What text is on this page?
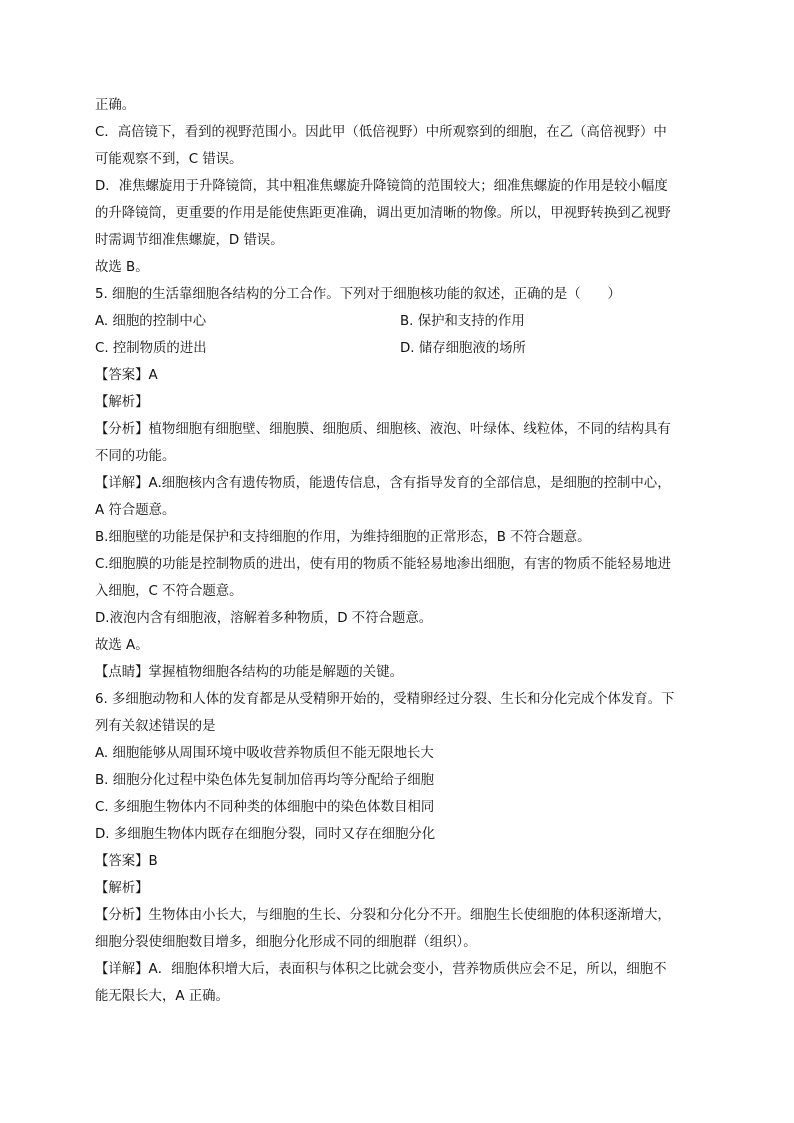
正确。

C．高倍镜下，看到的视野范围小。因此甲（低倍视野）中所观察到的细胞，在乙（高倍视野）中

可能观察不到，C 错误。

D．准焦螺旋用于升降镜筒，其中粗准焦螺旋升降镜筒的范围较大；细准焦螺旋的作用是较小幅度

的升降镜筒，更重要的作用是能使焦距更准确，调出更加清晰的物像。所以，甲视野转换到乙视野

时需调节细准焦螺旋，D 错误。

故选 B。

5. 细胞的生活靠细胞各结构的分工合作。下列对于细胞核功能的叙述，正确的是（　　）

A. 细胞的控制中心	B. 保护和支持的作用
C. 控制物质的进出	D. 储存细胞液的场所

【答案】A

【解析】

【分析】植物细胞有细胞壁、细胞膜、细胞质、细胞核、液泡、叶绿体、线粒体，不同的结构具有

不同的功能。

【详解】A.细胞核内含有遗传物质，能遗传信息，含有指导发育的全部信息，是细胞的控制中心，

A 符合题意。

B.细胞壁的功能是保护和支持细胞的作用，为维持细胞的正常形态，B 不符合题意。

C.细胞膜的功能是控制物质的进出，使有用的物质不能轻易地渗出细胞，有害的物质不能轻易地进

入细胞，C 不符合题意。

D.液泡内含有细胞液，溶解着多种物质，D 不符合题意。

故选 A。

【点睛】掌握植物细胞各结构的功能是解题的关键。

6. 多细胞动物和人体的发育都是从受精卵开始的，受精卵经过分裂、生长和分化完成个体发育。下

列有关叙述错误的是

A. 细胞能够从周围环境中吸收营养物质但不能无限地长大

B. 细胞分化过程中染色体先复制加倍再均等分配给子细胞

C. 多细胞生物体内不同种类的体细胞中的染色体数目相同

D. 多细胞生物体内既存在细胞分裂，同时又存在细胞分化

【答案】B

【解析】

【分析】生物体由小长大，与细胞的生长、分裂和分化分不开。细胞生长使细胞的体积逐渐增大，

细胞分裂使细胞数目增多，细胞分化形成不同的细胞群（组织）。

【详解】A．细胞体积增大后，表面积与体积之比就会变小，营养物质供应会不足，所以，细胞不

能无限长大，A 正确。
